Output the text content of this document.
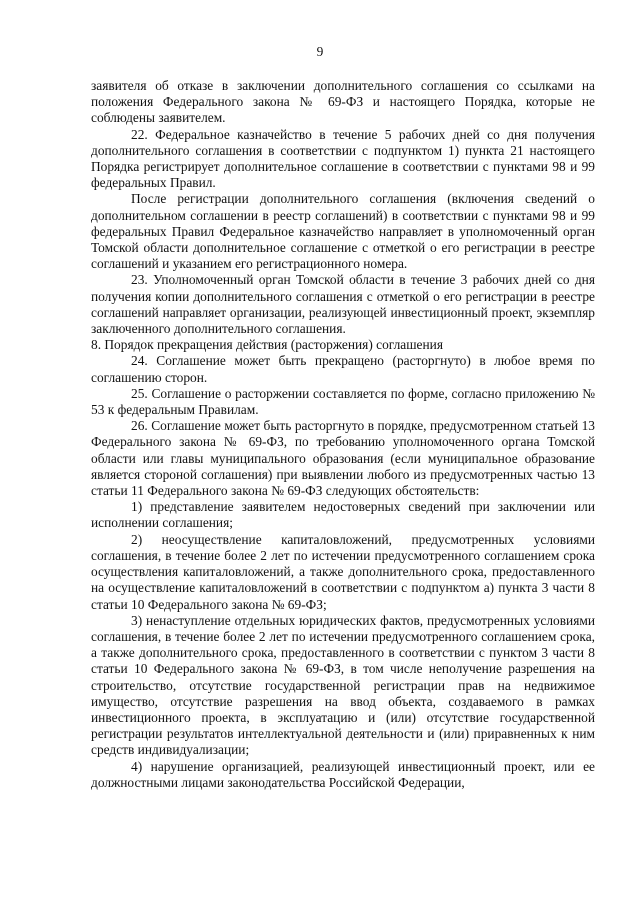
9

заявителя об отказе в заключении дополнительного соглашения со ссылками на положения Федерального закона № 69-ФЗ и настоящего Порядка, которые не соблюдены заявителем.

22. Федеральное казначейство в течение 5 рабочих дней со дня получения дополнительного соглашения в соответствии с подпунктом 1) пункта 21 настоящего Порядка регистрирует дополнительное соглашение в соответствии с пунктами 98 и 99 федеральных Правил.

После регистрации дополнительного соглашения (включения сведений о дополнительном соглашении в реестр соглашений) в соответствии с пунктами 98 и 99 федеральных Правил Федеральное казначейство направляет в уполномоченный орган Томской области дополнительное соглашение с отметкой о его регистрации в реестре соглашений и указанием его регистрационного номера.

23. Уполномоченный орган Томской области в течение 3 рабочих дней со дня получения копии дополнительного соглашения с отметкой о его регистрации в реестре соглашений направляет организации, реализующей инвестиционный проект, экземпляр заключенного дополнительного соглашения.

8. Порядок прекращения действия (расторжения) соглашения

24. Соглашение может быть прекращено (расторгнуто) в любое время по соглашению сторон.

25. Соглашение о расторжении составляется по форме, согласно приложению № 53 к федеральным Правилам.

26. Соглашение может быть расторгнуто в порядке, предусмотренном статьей 13 Федерального закона № 69-ФЗ, по требованию уполномоченного органа Томской области или главы муниципального образования (если муниципальное образование является стороной соглашения) при выявлении любого из предусмотренных частью 13 статьи 11 Федерального закона № 69-ФЗ следующих обстоятельств:

1) представление заявителем недостоверных сведений при заключении или исполнении соглашения;

2) неосуществление капиталовложений, предусмотренных условиями соглашения, в течение более 2 лет по истечении предусмотренного соглашением срока осуществления капиталовложений, а также дополнительного срока, предоставленного на осуществление капиталовложений в соответствии с подпунктом а) пункта 3 части 8 статьи 10 Федерального закона № 69-ФЗ;

3) ненаступление отдельных юридических фактов, предусмотренных условиями соглашения, в течение более 2 лет по истечении предусмотренного соглашением срока, а также дополнительного срока, предоставленного в соответствии с пунктом 3 части 8 статьи 10 Федерального закона № 69-ФЗ, в том числе неполучение разрешения на строительство, отсутствие государственной регистрации прав на недвижимое имущество, отсутствие разрешения на ввод объекта, создаваемого в рамках инвестиционного проекта, в эксплуатацию и (или) отсутствие государственной регистрации результатов интеллектуальной деятельности и (или) приравненных к ним средств индивидуализации;

4) нарушение организацией, реализующей инвестиционный проект, или ее должностными лицами законодательства Российской Федерации,
